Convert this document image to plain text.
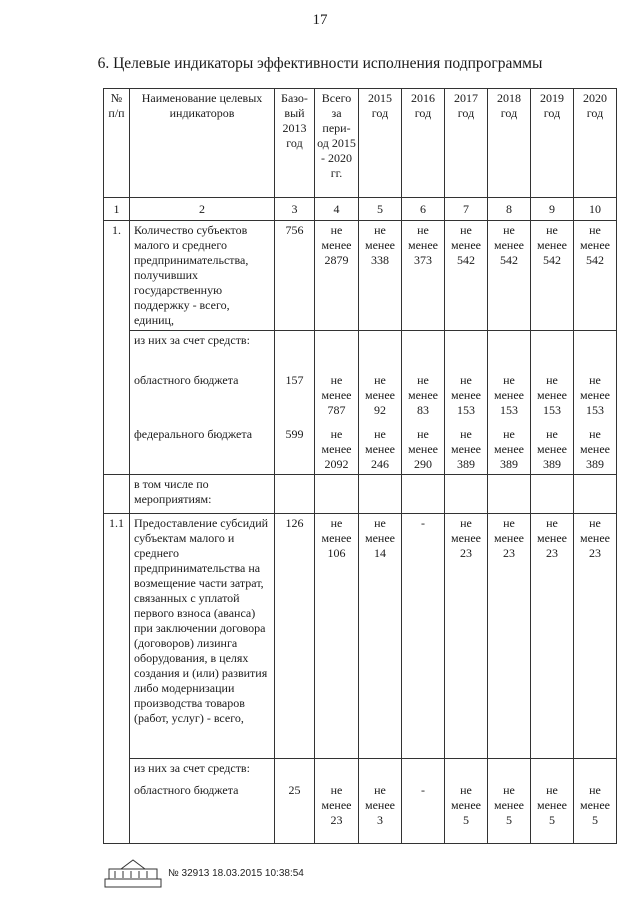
17
6. Целевые индикаторы эффективности исполнения подпрограммы
№ п/п	Наименование целевых индикаторов	Базо-вый 2013 год	Всего за пери-од 2015 - 2020 гг.	2015 год	2016 год	2017 год	2018 год	2019 год	2020 год
1	2	3	4	5	6	7	8	9	10
1.	Количество субъектов малого и среднего предпринимательства, получивших государственную поддержку - всего, единиц,	756	не менее 2879	не менее 338	не менее 373	не менее 542	не менее 542	не менее 542	не менее 542
	из них за счет средств:								
	областного бюджета	157	не менее 787	не менее 92	не менее 83	не менее 153	не менее 153	не менее 153	не менее 153
	федерального бюджета	599	не менее 2092	не менее 246	не менее 290	не менее 389	не менее 389	не менее 389	не менее 389
	в том числе по мероприятиям:								
1.1	Предоставление субсидий субъектам малого и среднего предпринимательства на возмещение части затрат, связанных с уплатой первого взноса (аванса) при заключении договора (договоров) лизинга оборудования, в целях создания и (или) развития либо модернизации производства товаров (работ, услуг) - всего,	126	не менее 106	не менее 14	-	не менее 23	не менее 23	не менее 23	не менее 23
	из них за счет средств:								
	областного бюджета	25	не менее 23	не менее 3	-	не менее 5	не менее 5	не менее 5	не менее 5
№ 32913 18.03.2015 10:38:54
